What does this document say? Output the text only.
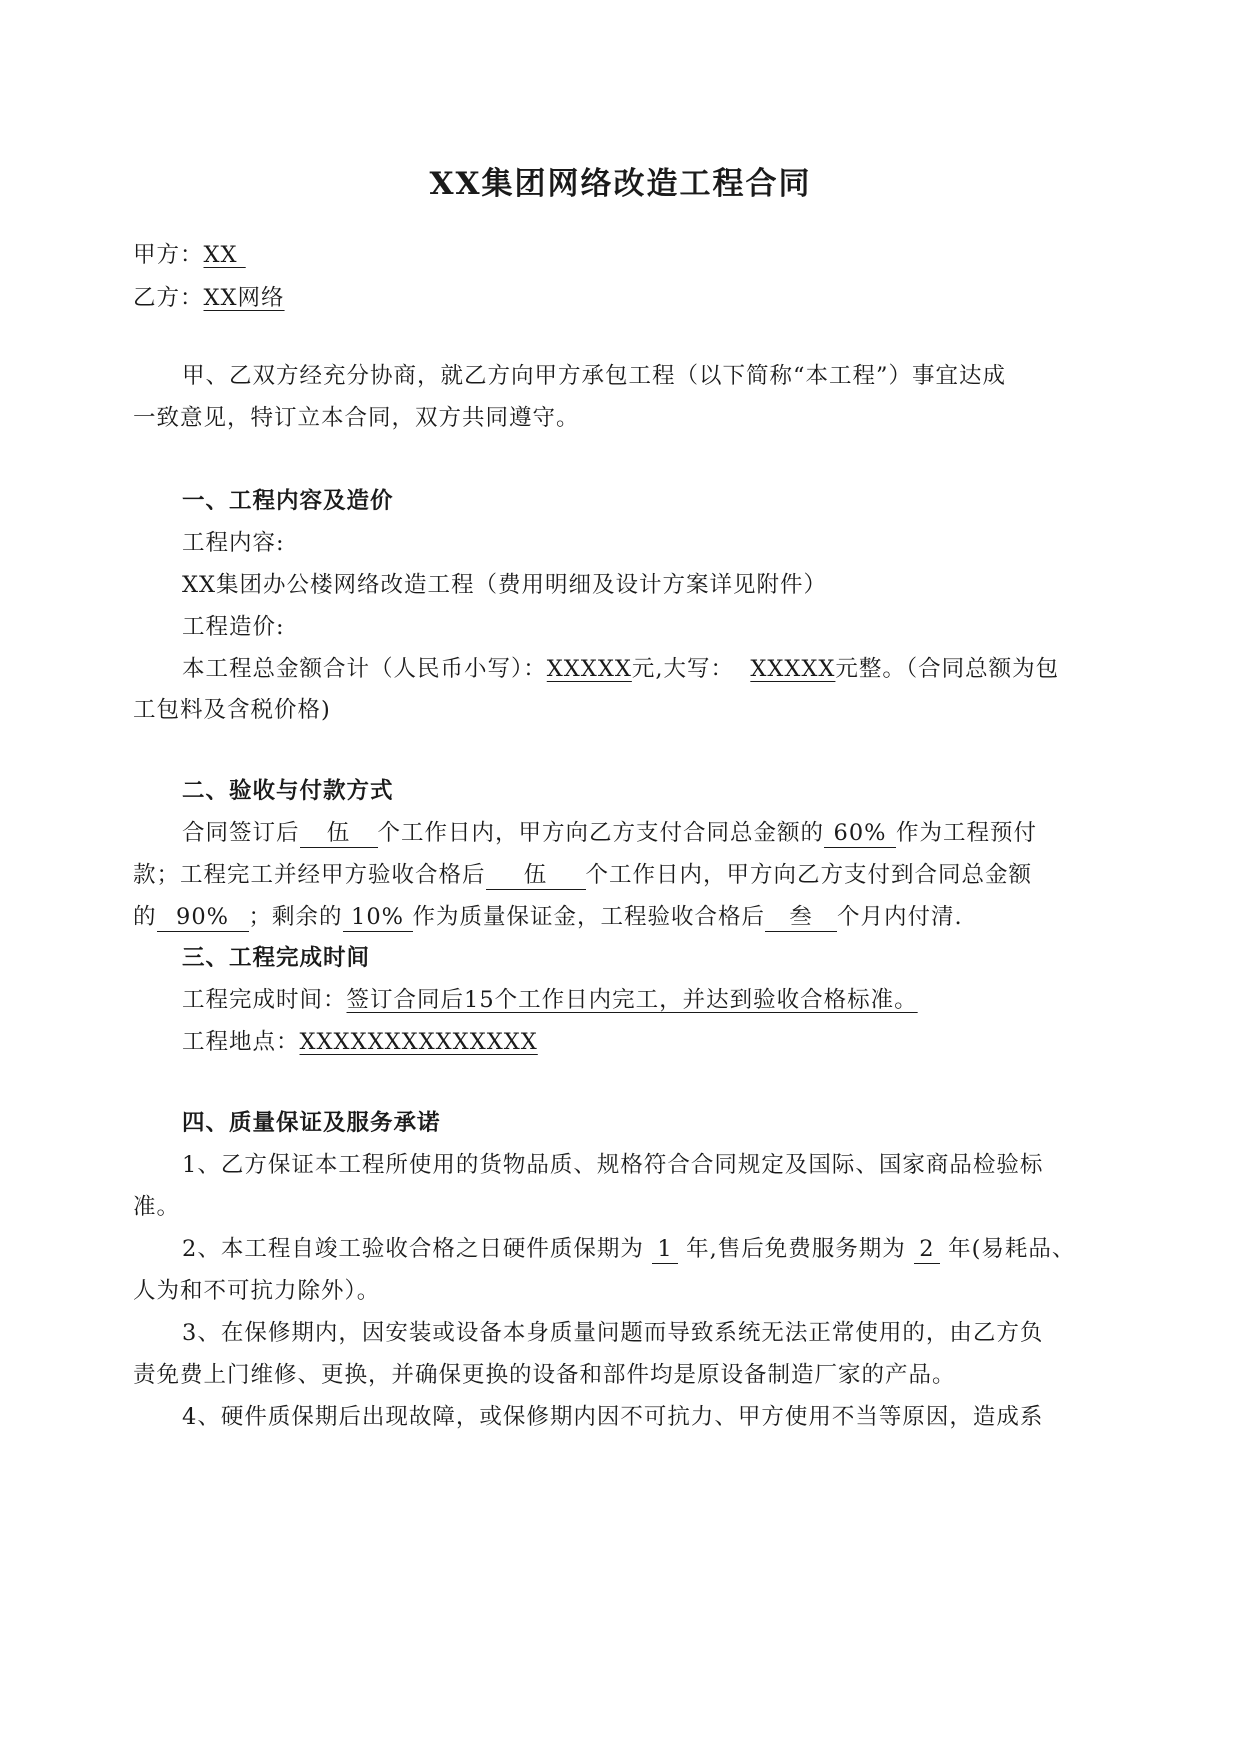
XX集团网络改造工程合同
甲方：XX
乙方：XX网络
甲、乙双方经充分协商，就乙方向甲方承包工程（以下简称“本工程”）事宜达成
一致意见，特订立本合同，双方共同遵守。
一、工程内容及造价
工程内容:
XX集团办公楼网络改造工程（费用明细及设计方案详见附件）
工程造价:
本工程总金额合计（人民币小写）：XXXXX元,大写： XXXXX元整。（合同总额为包
工包料及含税价格)
二、验收与付款方式
合同签订后 伍 个工作日内，甲方向乙方支付合同总金额的 60% 作为工程预付
款；工程完工并经甲方验收合格后 伍 个工作日内，甲方向乙方支付到合同总金额
的 90% ；剩余的 10% 作为质量保证金，工程验收合格后 叁 个月内付清.
三、工程完成时间
工程完成时间：签订合同后15个工作日内完工，并达到验收合格标准。
工程地点：XXXXXXXXXXXXXX
四、质量保证及服务承诺
1、乙方保证本工程所使用的货物品质、规格符合合同规定及国际、国家商品检验标
准。
2、本工程自竣工验收合格之日硬件质保期为 1 年,售后免费服务期为 2 年(易耗品、
人为和不可抗力除外）。
3、在保修期内，因安装或设备本身质量问题而导致系统无法正常使用的，由乙方负
责免费上门维修、更换，并确保更换的设备和部件均是原设备制造厂家的产品。
4、硬件质保期后出现故障，或保修期内因不可抗力、甲方使用不当等原因，造成系
